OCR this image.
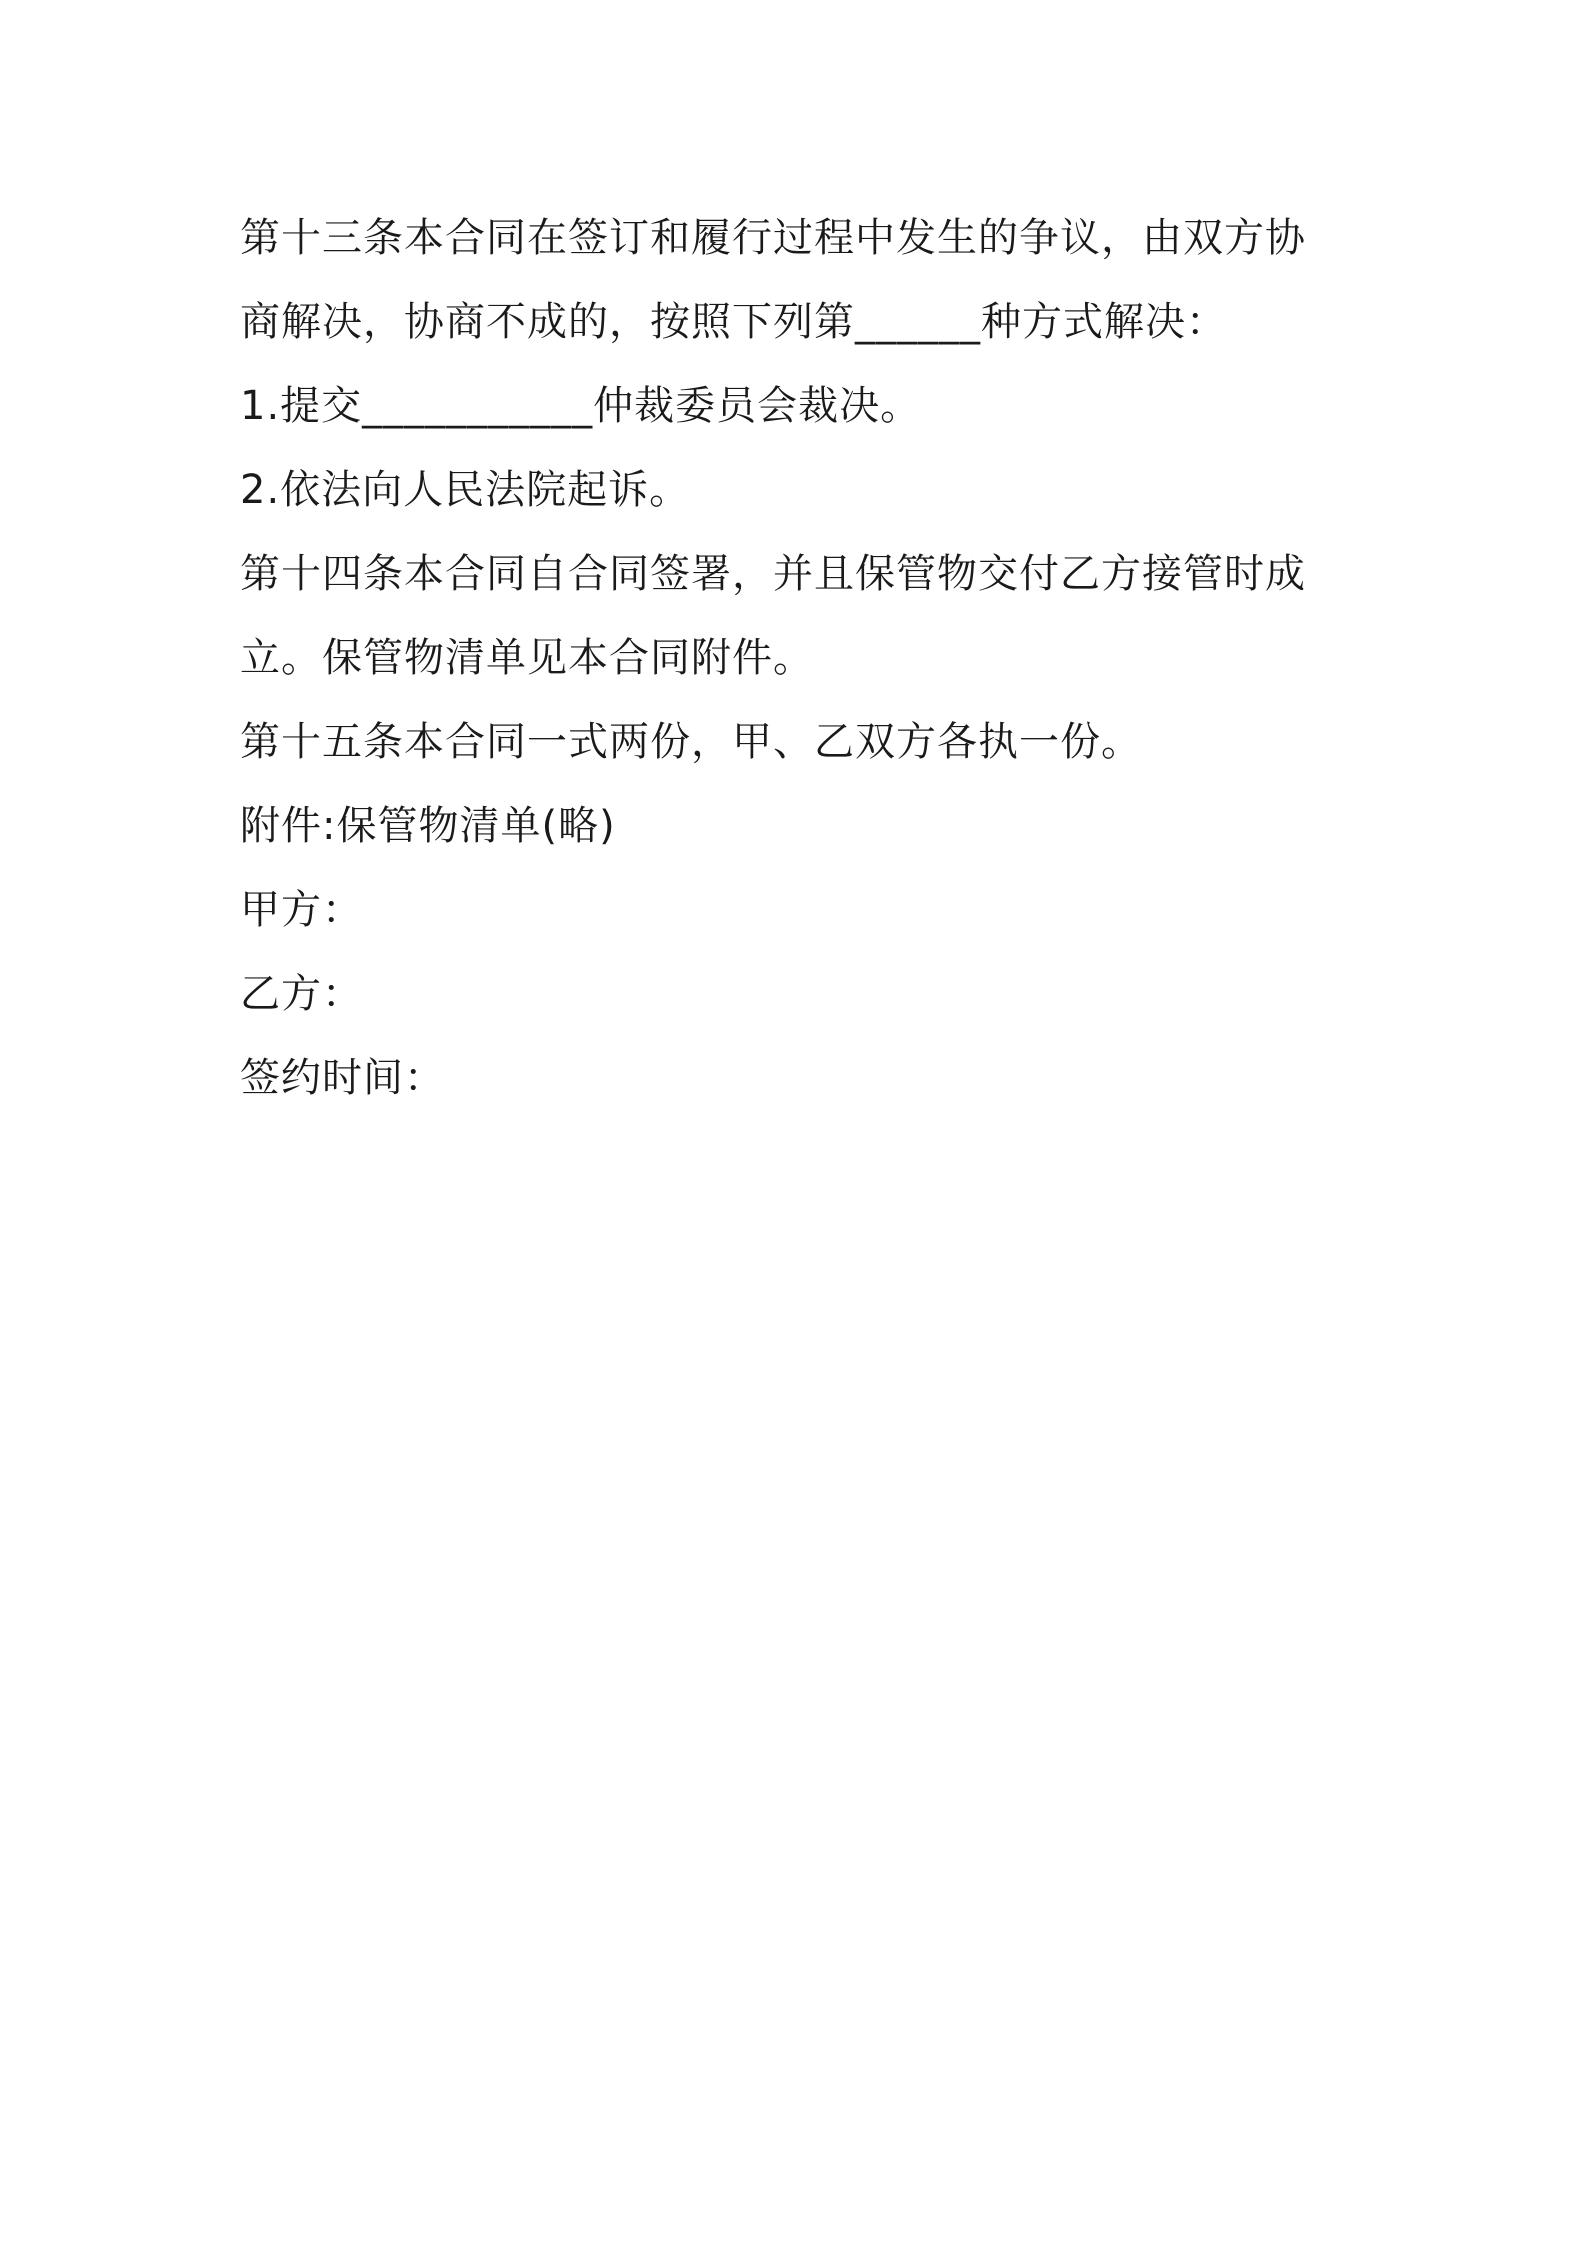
第十三条本合同在签订和履行过程中发生的争议，由双方协

商解决，协商不成的，按照下列第______种方式解决：

1.提交___________仲裁委员会裁决。

2.依法向人民法院起诉。

第十四条本合同自合同签署，并且保管物交付乙方接管时成

立。保管物清单见本合同附件。

第十五条本合同一式两份，甲、乙双方各执一份。

附件:保管物清单(略)

甲方：

乙方：

签约时间：
